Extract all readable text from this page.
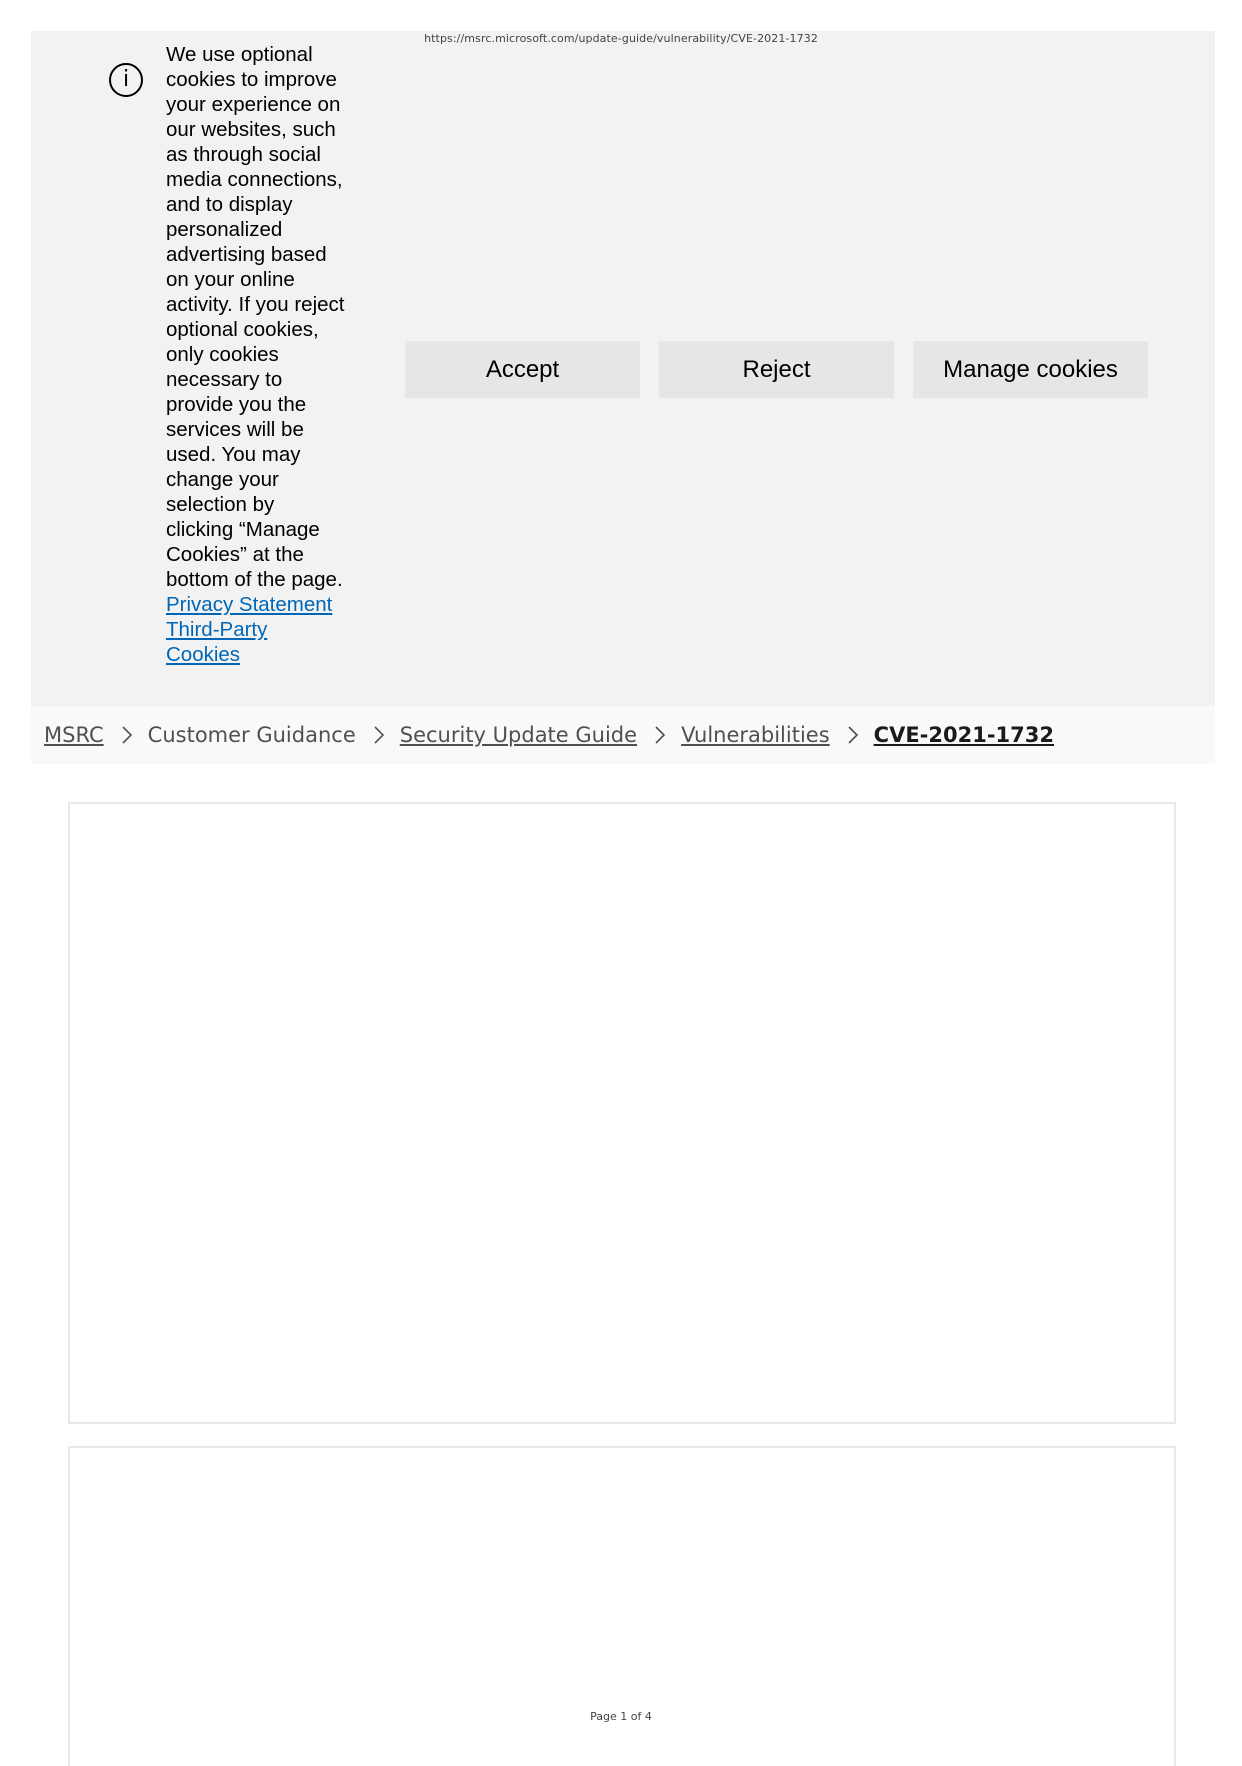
https://msrc.microsoft.com/update-guide/vulnerability/CVE-2021-1732
i
We use optional cookies to improve your experience on our websites, such as through social media connections, and to display personalized advertising based on your online activity. If you reject optional cookies, only cookies necessary to provide you the services will be used. You may change your selection by clicking “Manage Cookies” at the bottom of the page. Privacy Statement Third-Party Cookies
Accept	Reject	Manage cookies
MSRC Customer Guidance Security Update Guide Vulnerabilities CVE-2021-1732
Page 1 of 4
